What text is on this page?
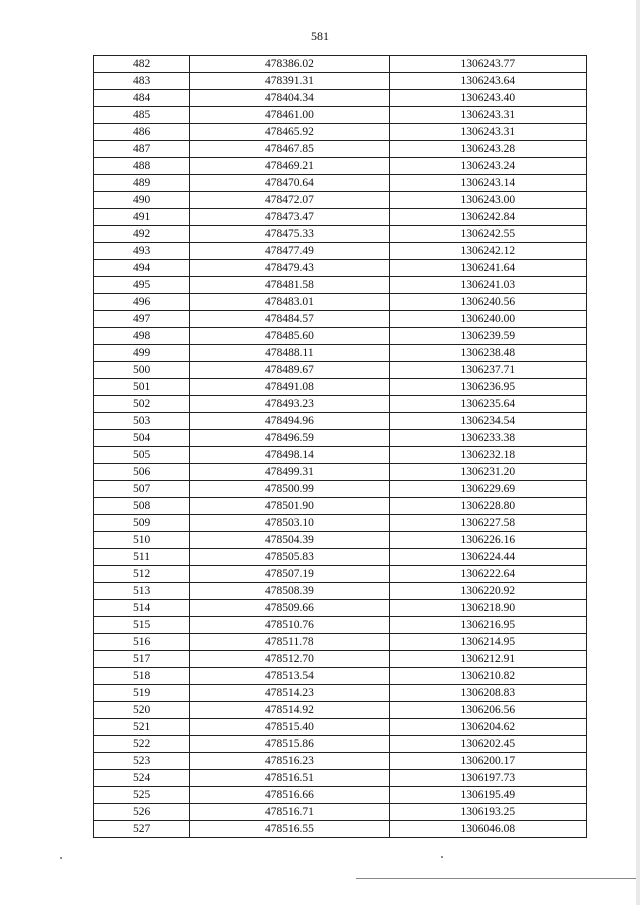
581
482	478386.02	1306243.77
483	478391.31	1306243.64
484	478404.34	1306243.40
485	478461.00	1306243.31
486	478465.92	1306243.31
487	478467.85	1306243.28
488	478469.21	1306243.24
489	478470.64	1306243.14
490	478472.07	1306243.00
491	478473.47	1306242.84
492	478475.33	1306242.55
493	478477.49	1306242.12
494	478479.43	1306241.64
495	478481.58	1306241.03
496	478483.01	1306240.56
497	478484.57	1306240.00
498	478485.60	1306239.59
499	478488.11	1306238.48
500	478489.67	1306237.71
501	478491.08	1306236.95
502	478493.23	1306235.64
503	478494.96	1306234.54
504	478496.59	1306233.38
505	478498.14	1306232.18
506	478499.31	1306231.20
507	478500.99	1306229.69
508	478501.90	1306228.80
509	478503.10	1306227.58
510	478504.39	1306226.16
511	478505.83	1306224.44
512	478507.19	1306222.64
513	478508.39	1306220.92
514	478509.66	1306218.90
515	478510.76	1306216.95
516	478511.78	1306214.95
517	478512.70	1306212.91
518	478513.54	1306210.82
519	478514.23	1306208.83
520	478514.92	1306206.56
521	478515.40	1306204.62
522	478515.86	1306202.45
523	478516.23	1306200.17
524	478516.51	1306197.73
525	478516.66	1306195.49
526	478516.71	1306193.25
527	478516.55	1306046.08
